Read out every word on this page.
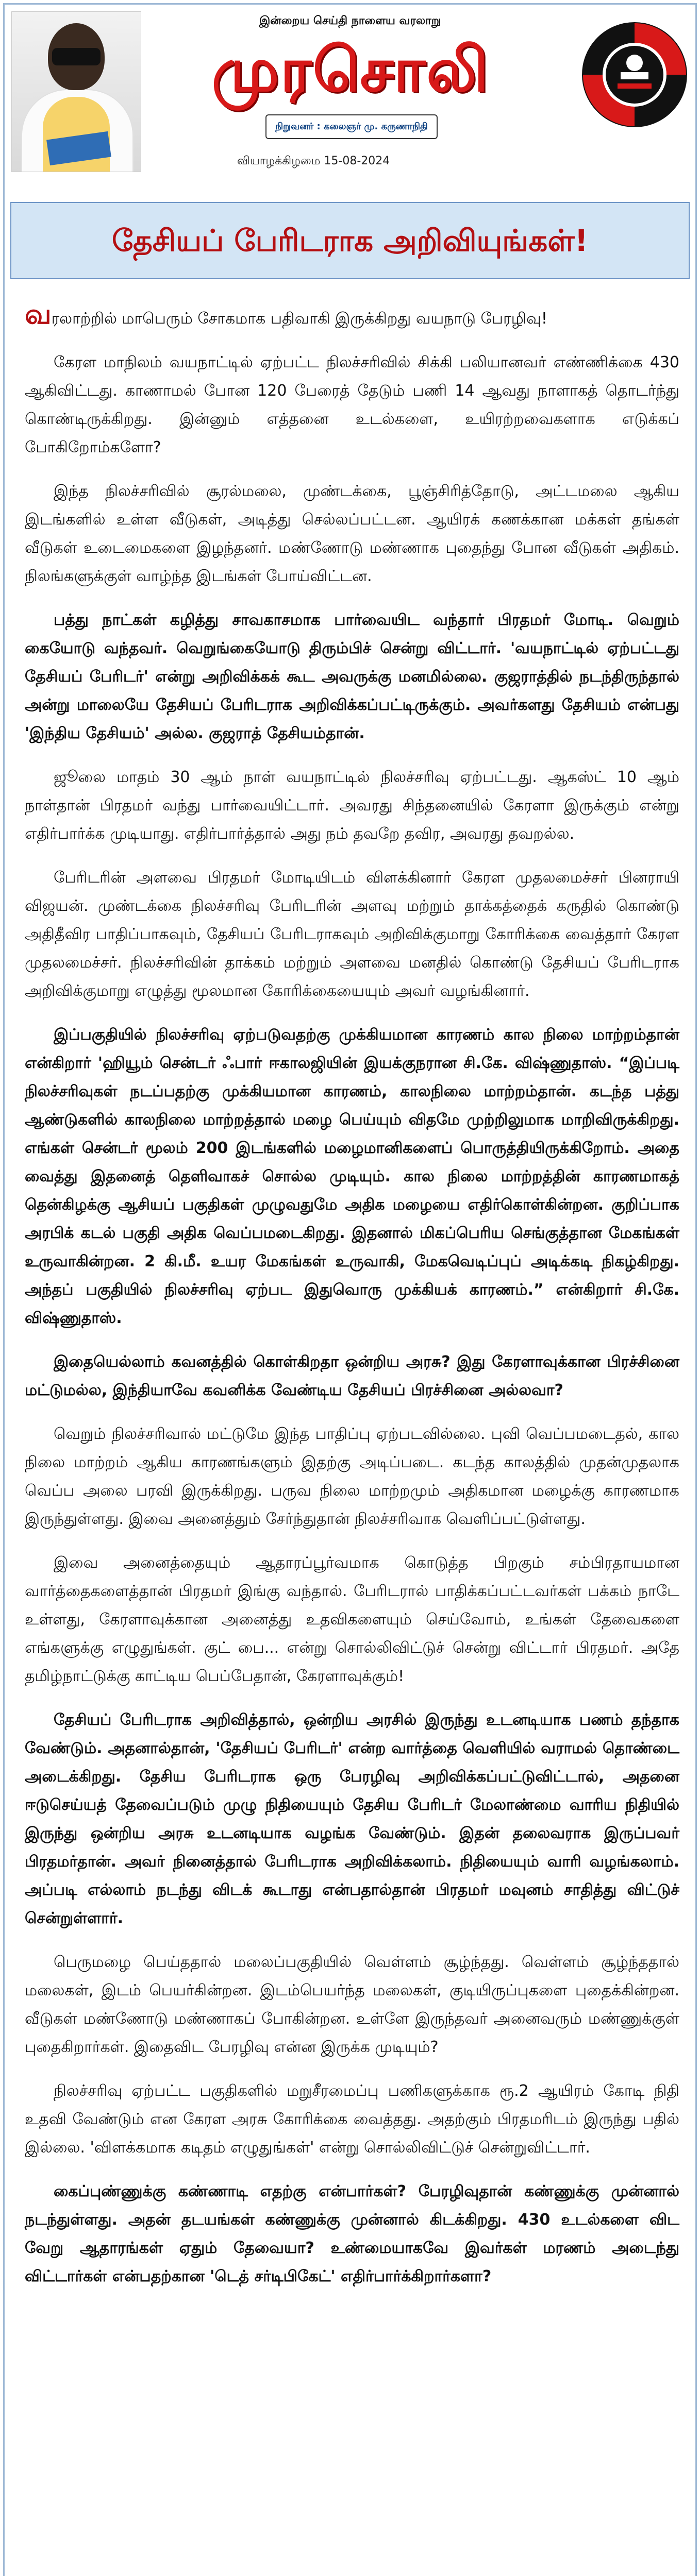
இன்றைய செய்தி நாளைய வரலாறு
முரசொலி
நிறுவனர் : கலைஞர் மு. கருணாநிதி
வியாழக்கிழமை 15-08-2024
தேசியப் பேரிடராக அறிவியுங்கள்!

வரலாற்றில் மாபெரும் சோகமாக பதிவாகி இருக்கிறது வயநாடு பேரழிவு!

கேரள மாநிலம் வயநாட்டில் ஏற்பட்ட நிலச்சரிவில் சிக்கி பலியானவர் எண்ணிக்கை 430 ஆகிவிட்டது. காணாமல் போன 120 பேரைத் தேடும் பணி 14 ஆவது நாளாகத் தொடர்ந்து கொண்டிருக்கிறது. இன்னும் எத்தனை உடல்களை, உயிரற்றவைகளாக எடுக்கப் போகிறோம்களோ?

இந்த நிலச்சரிவில் சூரல்மலை, முண்டக்கை, பூஞ்சிரித்தோடு, அட்டமலை ஆகிய இடங்களில் உள்ள வீடுகள், அடித்து செல்லப்பட்டன. ஆயிரக் கணக்கான மக்கள் தங்கள் வீடுகள் உடைமைகளை இழந்தனர். மண்ணோடு மண்ணாக புதைந்து போன வீடுகள் அதிகம். நிலங்களுக்குள் வாழ்ந்த இடங்கள் போய்விட்டன.

பத்து நாட்கள் கழித்து சாவகாசமாக பார்வையிட வந்தார் பிரதமர் மோடி. வெறும் கையோடு வந்தவர். வெறுங்கையோடு திரும்பிச் சென்று விட்டார். 'வயநாட்டில் ஏற்பட்டது தேசியப் பேரிடர்' என்று அறிவிக்கக் கூட அவருக்கு மனமில்லை. குஜராத்தில் நடந்திருந்தால் அன்று மாலையே தேசியப் பேரிடராக அறிவிக்கப்பட்டிருக்கும். அவர்களது தேசியம் என்பது 'இந்திய தேசியம்' அல்ல. குஜராத் தேசியம்தான்.

ஜூலை மாதம் 30 ஆம் நாள் வயநாட்டில் நிலச்சரிவு ஏற்பட்டது. ஆகஸ்ட் 10 ஆம் நாள்தான் பிரதமர் வந்து பார்வையிட்டார். அவரது சிந்தனையில் கேரளா இருக்கும் என்று எதிர்பார்க்க முடியாது. எதிர்பார்த்தால் அது நம் தவறே தவிர, அவரது தவறல்ல.

பேரிடரின் அளவை பிரதமர் மோடியிடம் விளக்கினார் கேரள முதலமைச்சர் பினராயி விஜயன். முண்டக்கை நிலச்சரிவு பேரிடரின் அளவு மற்றும் தாக்கத்தைக் கருதில் கொண்டு அதிதீவிர பாதிப்பாகவும், தேசியப் பேரிடராகவும் அறிவிக்குமாறு கோரிக்கை வைத்தார் கேரள முதலமைச்சர். நிலச்சரிவின் தாக்கம் மற்றும் அளவை மனதில் கொண்டு தேசியப் பேரிடராக அறிவிக்குமாறு எழுத்து மூலமான கோரிக்கையையும் அவர் வழங்கினார்.

இப்பகுதியில் நிலச்சரிவு ஏற்படுவதற்கு முக்கியமான காரணம் கால நிலை மாற்றம்தான் என்கிறார் 'ஹியூம் சென்டர் ஃபார் ஈகாலஜியின் இயக்குநரான சி.கே. விஷ்ணுதாஸ். “இப்படி நிலச்சரிவுகள் நடப்பதற்கு முக்கியமான காரணம், காலநிலை மாற்றம்தான். கடந்த பத்து ஆண்டுகளில் காலநிலை மாற்றத்தால் மழை பெய்யும் விதமே முற்றிலுமாக மாறிவிருக்கிறது. எங்கள் சென்டர் மூலம் 200 இடங்களில் மழைமானிகளைப் பொருத்தியிருக்கிறோம். அதை வைத்து இதனைத் தெளிவாகச் சொல்ல முடியும். கால நிலை மாற்றத்தின் காரணமாகத் தென்கிழக்கு ஆசியப் பகுதிகள் முழுவதுமே அதிக மழையை எதிர்கொள்கின்றன. குறிப்பாக அரபிக் கடல் பகுதி அதிக வெப்பமடைகிறது. இதனால் மிகப்பெரிய செங்குத்தான மேகங்கள் உருவாகின்றன. 2 கி.மீ. உயர மேகங்கள் உருவாகி, மேகவெடிப்புப் அடிக்கடி நிகழ்கிறது. அந்தப் பகுதியில் நிலச்சரிவு ஏற்பட இதுவொரு முக்கியக் காரணம்.” என்கிறார் சி.கே. விஷ்ணுதாஸ்.

இதையெல்லாம் கவனத்தில் கொள்கிறதா ஒன்றிய அரசு? இது கேரளாவுக்கான பிரச்சினை மட்டுமல்ல, இந்தியாவே கவனிக்க வேண்டிய தேசியப் பிரச்சினை அல்லவா?

வெறும் நிலச்சரிவால் மட்டுமே இந்த பாதிப்பு ஏற்படவில்லை. புவி வெப்பமடைதல், கால நிலை மாற்றம் ஆகிய காரணங்களும் இதற்கு அடிப்படை. கடந்த காலத்தில் முதன்முதலாக வெப்ப அலை பரவி இருக்கிறது. பருவ நிலை மாற்றமும் அதிகமான மழைக்கு காரணமாக இருந்துள்ளது. இவை அனைத்தும் சேர்ந்துதான் நிலச்சரிவாக வெளிப்பட்டுள்ளது.

இவை அனைத்தையும் ஆதாரப்பூர்வமாக கொடுத்த பிறகும் சம்பிரதாயமான வார்த்தைகளைத்தான் பிரதமர் இங்கு வந்தால். பேரிடரால் பாதிக்கப்பட்டவர்கள் பக்கம் நாடே உள்ளது, கேரளாவுக்கான அனைத்து உதவிகளையும் செய்வோம், உங்கள் தேவைகளை எங்களுக்கு எழுதுங்கள். குட் பை... என்று சொல்லிவிட்டுச் சென்று விட்டார் பிரதமர். அதே தமிழ்நாட்டுக்கு காட்டிய பெப்பேதான், கேரளாவுக்கும்!

தேசியப் பேரிடராக அறிவித்தால், ஒன்றிய அரசில் இருந்து உடனடியாக பணம் தந்தாக வேண்டும். அதனால்தான், 'தேசியப் பேரிடர்' என்ற வார்த்தை வெளியில் வராமல் தொண்டை அடைக்கிறது. தேசிய பேரிடராக ஒரு பேரழிவு அறிவிக்கப்பட்டுவிட்டால், அதனை ஈடுசெய்யத் தேவைப்படும் முழு நிதியையும் தேசிய பேரிடர் மேலாண்மை வாரிய நிதியில் இருந்து ஒன்றிய அரசு உடனடியாக வழங்க வேண்டும். இதன் தலைவராக இருப்பவர் பிரதமர்தான். அவர் நினைத்தால் பேரிடராக அறிவிக்கலாம். நிதியையும் வாரி வழங்கலாம். அப்படி எல்லாம் நடந்து விடக் கூடாது என்பதால்தான் பிரதமர் மவுனம் சாதித்து விட்டுச் சென்றுள்ளார்.

பெருமழை பெய்ததால் மலைப்பகுதியில் வெள்ளம் சூழ்ந்தது. வெள்ளம் சூழ்ந்ததால் மலைகள், இடம் பெயர்கின்றன. இடம்பெயர்ந்த மலைகள், குடியிருப்புகளை புதைக்கின்றன. வீடுகள் மண்ணோடு மண்ணாகப் போகின்றன. உள்ளே இருந்தவர் அனைவரும் மண்ணுக்குள் புதைகிறார்கள். இதைவிட பேரழிவு என்ன இருக்க முடியும்?

நிலச்சரிவு ஏற்பட்ட பகுதிகளில் மறுசீரமைப்பு பணிகளுக்காக ரூ.2 ஆயிரம் கோடி நிதி உதவி வேண்டும் என கேரள அரசு கோரிக்கை வைத்தது. அதற்கும் பிரதமரிடம் இருந்து பதில் இல்லை. 'விளக்கமாக கடிதம் எழுதுங்கள்' என்று சொல்லிவிட்டுச் சென்றுவிட்டார்.

கைப்புண்ணுக்கு கண்ணாடி எதற்கு என்பார்கள்? பேரழிவுதான் கண்ணுக்கு முன்னால் நடந்துள்ளது. அதன் தடயங்கள் கண்ணுக்கு முன்னால் கிடக்கிறது. 430 உடல்களை விட வேறு ஆதாரங்கள் ஏதும் தேவையா? உண்மையாகவே இவர்கள் மரணம் அடைந்து விட்டார்கள் என்பதற்கான 'டெத் சர்டிபிகேட்' எதிர்பார்க்கிறார்களா?
